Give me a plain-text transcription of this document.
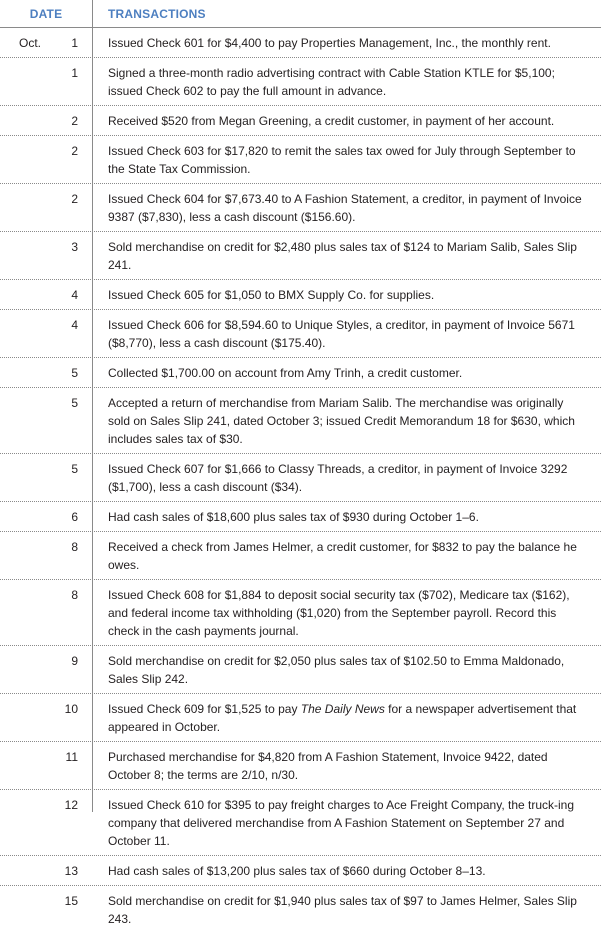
DATE	TRANSACTIONS
Oct.	1	Issued Check 601 for $4,400 to pay Properties Management, Inc., the monthly rent.
1	Signed a three-month radio advertising contract with Cable Station KTLE for $5,100; issued Check 602 to pay the full amount in advance.
2	Received $520 from Megan Greening, a credit customer, in payment of her account.
2	Issued Check 603 for $17,820 to remit the sales tax owed for July through September to the State Tax Commission.
2	Issued Check 604 for $7,673.40 to A Fashion Statement, a creditor, in payment of Invoice 9387 ($7,830), less a cash discount ($156.60).
3	Sold merchandise on credit for $2,480 plus sales tax of $124 to Mariam Salib, Sales Slip 241.
4	Issued Check 605 for $1,050 to BMX Supply Co. for supplies.
4	Issued Check 606 for $8,594.60 to Unique Styles, a creditor, in payment of Invoice 5671 ($8,770), less a cash discount ($175.40).
5	Collected $1,700.00 on account from Amy Trinh, a credit customer.
5	Accepted a return of merchandise from Mariam Salib. The merchandise was originally sold on Sales Slip 241, dated October 3; issued Credit Memorandum 18 for $630, which includes sales tax of $30.
5	Issued Check 607 for $1,666 to Classy Threads, a creditor, in payment of Invoice 3292 ($1,700), less a cash discount ($34).
6	Had cash sales of $18,600 plus sales tax of $930 during October 1–6.
8	Received a check from James Helmer, a credit customer, for $832 to pay the balance he owes.
8	Issued Check 608 for $1,884 to deposit social security tax ($702), Medicare tax ($162), and federal income tax withholding ($1,020) from the September payroll. Record this check in the cash payments journal.
9	Sold merchandise on credit for $2,050 plus sales tax of $102.50 to Emma Maldonado, Sales Slip 242.
10	Issued Check 609 for $1,525 to pay The Daily News for a newspaper advertisement that appeared in October.
11	Purchased merchandise for $4,820 from A Fashion Statement, Invoice 9422, dated October 8; the terms are 2/10, n/30.
12	Issued Check 610 for $395 to pay freight charges to Ace Freight Company, the truck-ing company that delivered merchandise from A Fashion Statement on September 27 and October 11.
13	Had cash sales of $13,200 plus sales tax of $660 during October 8–13.
15	Sold merchandise on credit for $1,940 plus sales tax of $97 to James Helmer, Sales Slip 243.
